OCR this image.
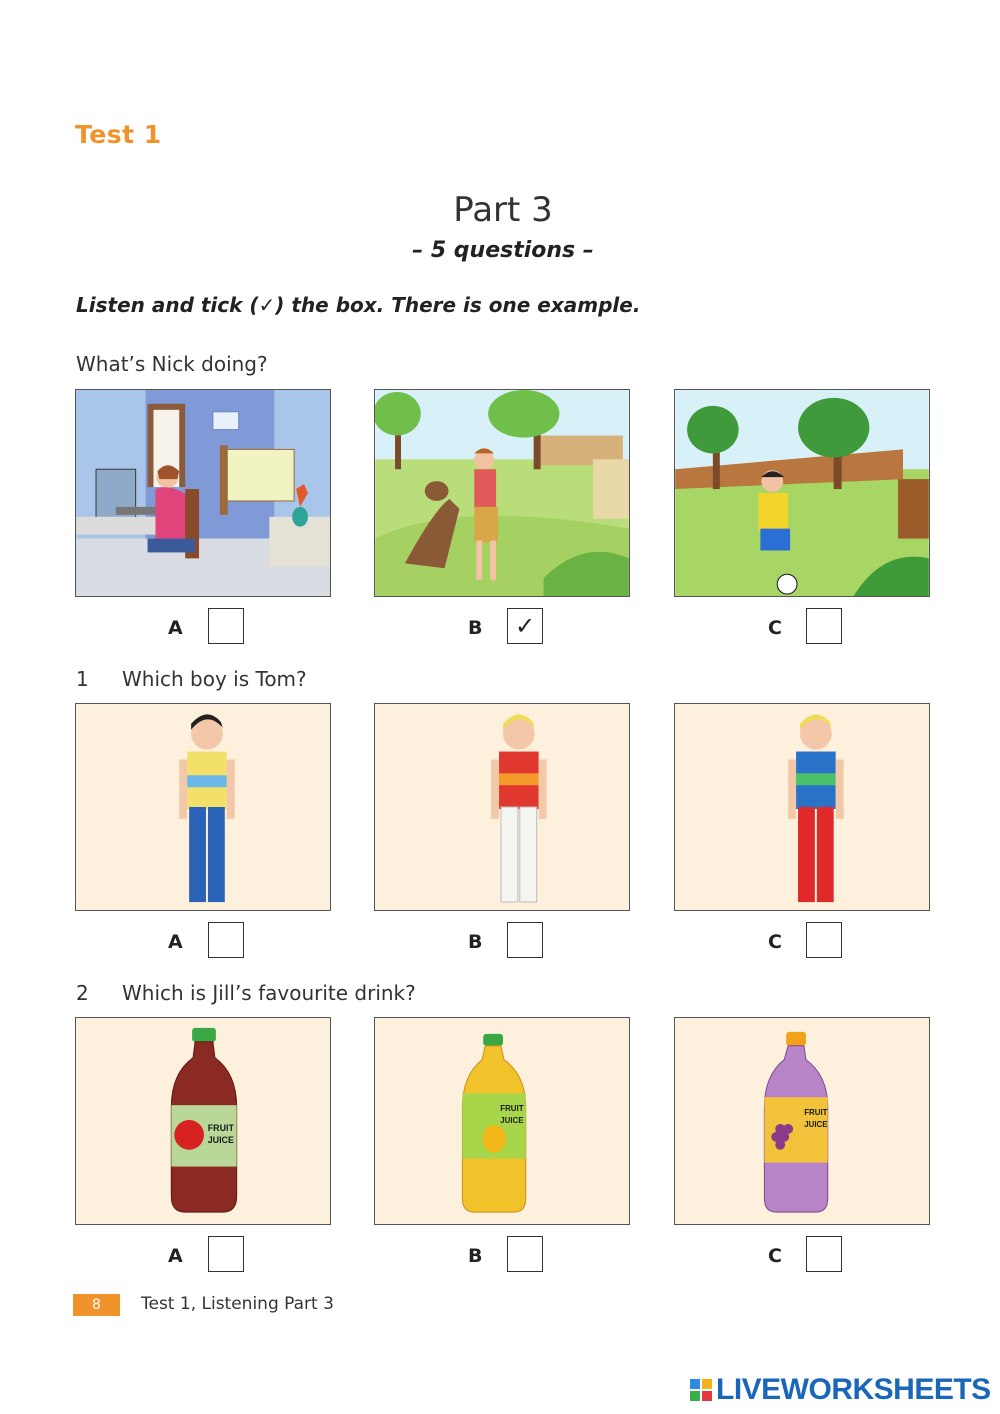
Test 1
Part 3
– 5 questions –
Listen and tick (✓) the box. There is one example.
What’s Nick doing?
A	B	✓	C
1 Which boy is Tom?
A	B	C
2 Which is Jill’s favourite drink?
FRUIT
JUICE
A
FRUIT
JUICE
B
FRUIT
JUICE
C
8	Test 1, Listening Part 3
LIVEWORKSHEETS
